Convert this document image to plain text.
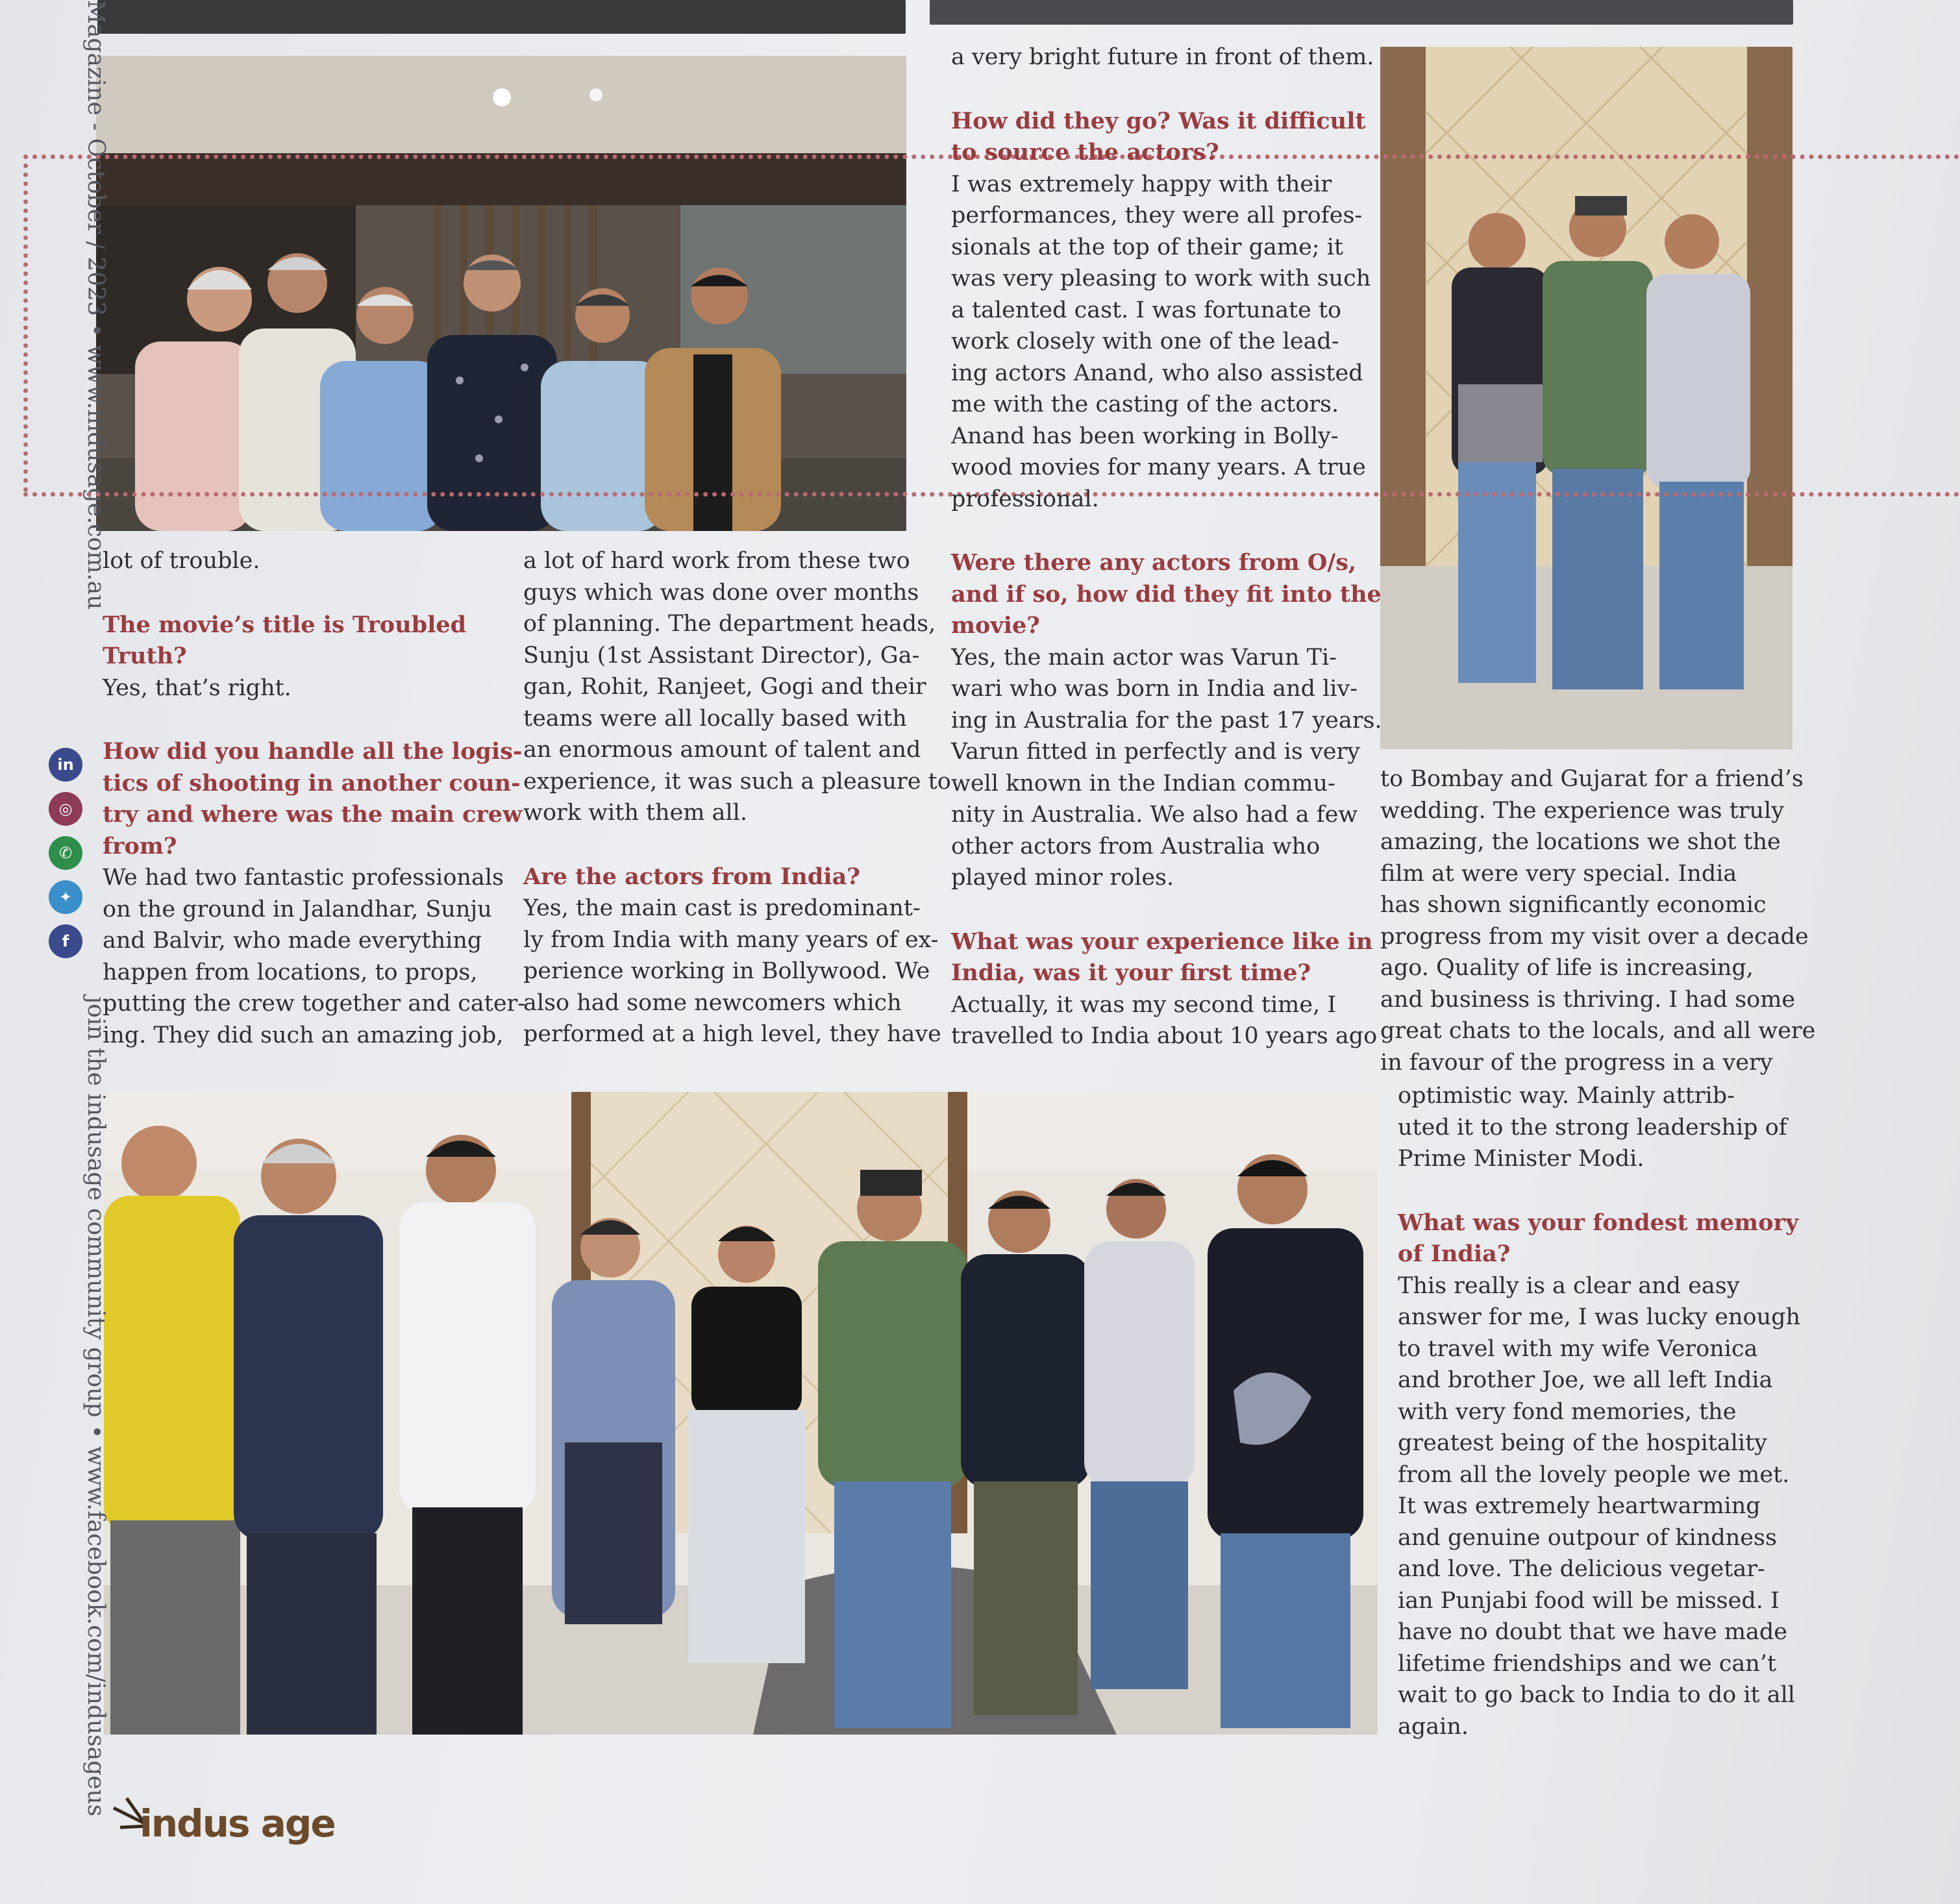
Magazine - October / 2023 • www.indusage.com.au
join the indusage community group • www.facebook.com/indusageus
in
◎
✆
✦
f
lot of trouble.
The movie’s title is Troubled
Truth?
Yes, that’s right.
How did you handle all the logis-
tics of shooting in another coun-
try and where was the main crew
from?
We had two fantastic professionals
on the ground in Jalandhar, Sunju
and Balvir, who made everything
happen from locations, to props,
putting the crew together and cater-
ing. They did such an amazing job,
a lot of hard work from these two
guys which was done over months
of planning. The department heads,
Sunju (1st Assistant Director), Ga-
gan, Rohit, Ranjeet, Gogi and their
teams were all locally based with
an enormous amount of talent and
experience, it was such a pleasure to
work with them all.
Are the actors from India?
Yes, the main cast is predominant-
ly from India with many years of ex-
perience working in Bollywood. We
also had some newcomers which
performed at a high level, they have
a very bright future in front of them.
How did they go? Was it difficult
to source the actors?
I was extremely happy with their
performances, they were all profes-
sionals at the top of their game; it
was very pleasing to work with such
a talented cast. I was fortunate to
work closely with one of the lead-
ing actors Anand, who also assisted
me with the casting of the actors.
Anand has been working in Bolly-
wood movies for many years. A true
professional.
Were there any actors from O/s,
and if so, how did they fit into the
movie?
Yes, the main actor was Varun Ti-
wari who was born in India and liv-
ing in Australia for the past 17 years.
Varun fitted in perfectly and is very
well known in the Indian commu-
nity in Australia. We also had a few
other actors from Australia who
played minor roles.
What was your experience like in
India, was it your first time?
Actually, it was my second time, I
travelled to India about 10 years ago
to Bombay and Gujarat for a friend’s
wedding. The experience was truly
amazing, the locations we shot the
film at were very special. India
has shown significantly economic
progress from my visit over a decade
ago. Quality of life is increasing,
and business is thriving. I had some
great chats to the locals, and all were
in favour of the progress in a very
optimistic way. Mainly attrib-
uted it to the strong leadership of
Prime Minister Modi.
What was your fondest memory
of India?
This really is a clear and easy
answer for me, I was lucky enough
to travel with my wife Veronica
and brother Joe, we all left India
with very fond memories, the
greatest being of the hospitality
from all the lovely people we met.
It was extremely heartwarming
and genuine outpour of kindness
and love. The delicious vegetar-
ian Punjabi food will be missed. I
have no doubt that we have made
lifetime friendships and we can’t
wait to go back to India to do it all
again.
indus age
